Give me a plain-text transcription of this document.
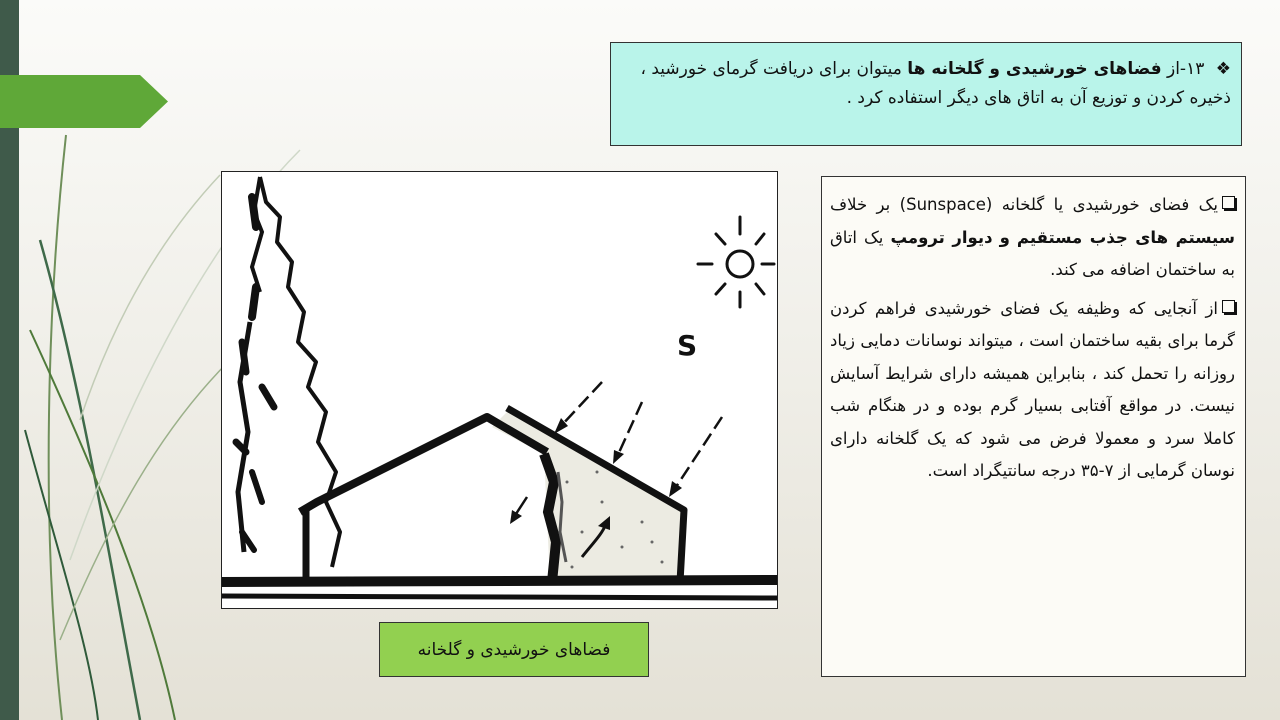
❖ ۱۳-از فضاهای خورشیدی و گلخانه ها میتوان برای دریافت گرمای خورشید ، ذخیره کردن و توزیع آن به اتاق های دیگر استفاده کرد .
S
فضاهای خورشیدی و گلخانه

یک فضای خورشیدی یا گلخانه (Sunspace) بر خلاف سیستم های جذب مستقیم و دیوار ترومپ یک اتاق به ساختمان اضافه می کند.

از آنجایی که وظیفه یک فضای خورشیدی فراهم کردن گرما برای بقیه ساختمان است ، میتواند نوسانات دمایی زیاد روزانه را تحمل کند ، بنابراین همیشه دارای شرایط آسایش نیست. در مواقع آفتابی بسیار گرم بوده و در هنگام شب کاملا سرد و معمولا فرض می شود که یک گلخانه دارای نوسان گرمایی از ۷-۳۵ درجه سانتیگراد است.
